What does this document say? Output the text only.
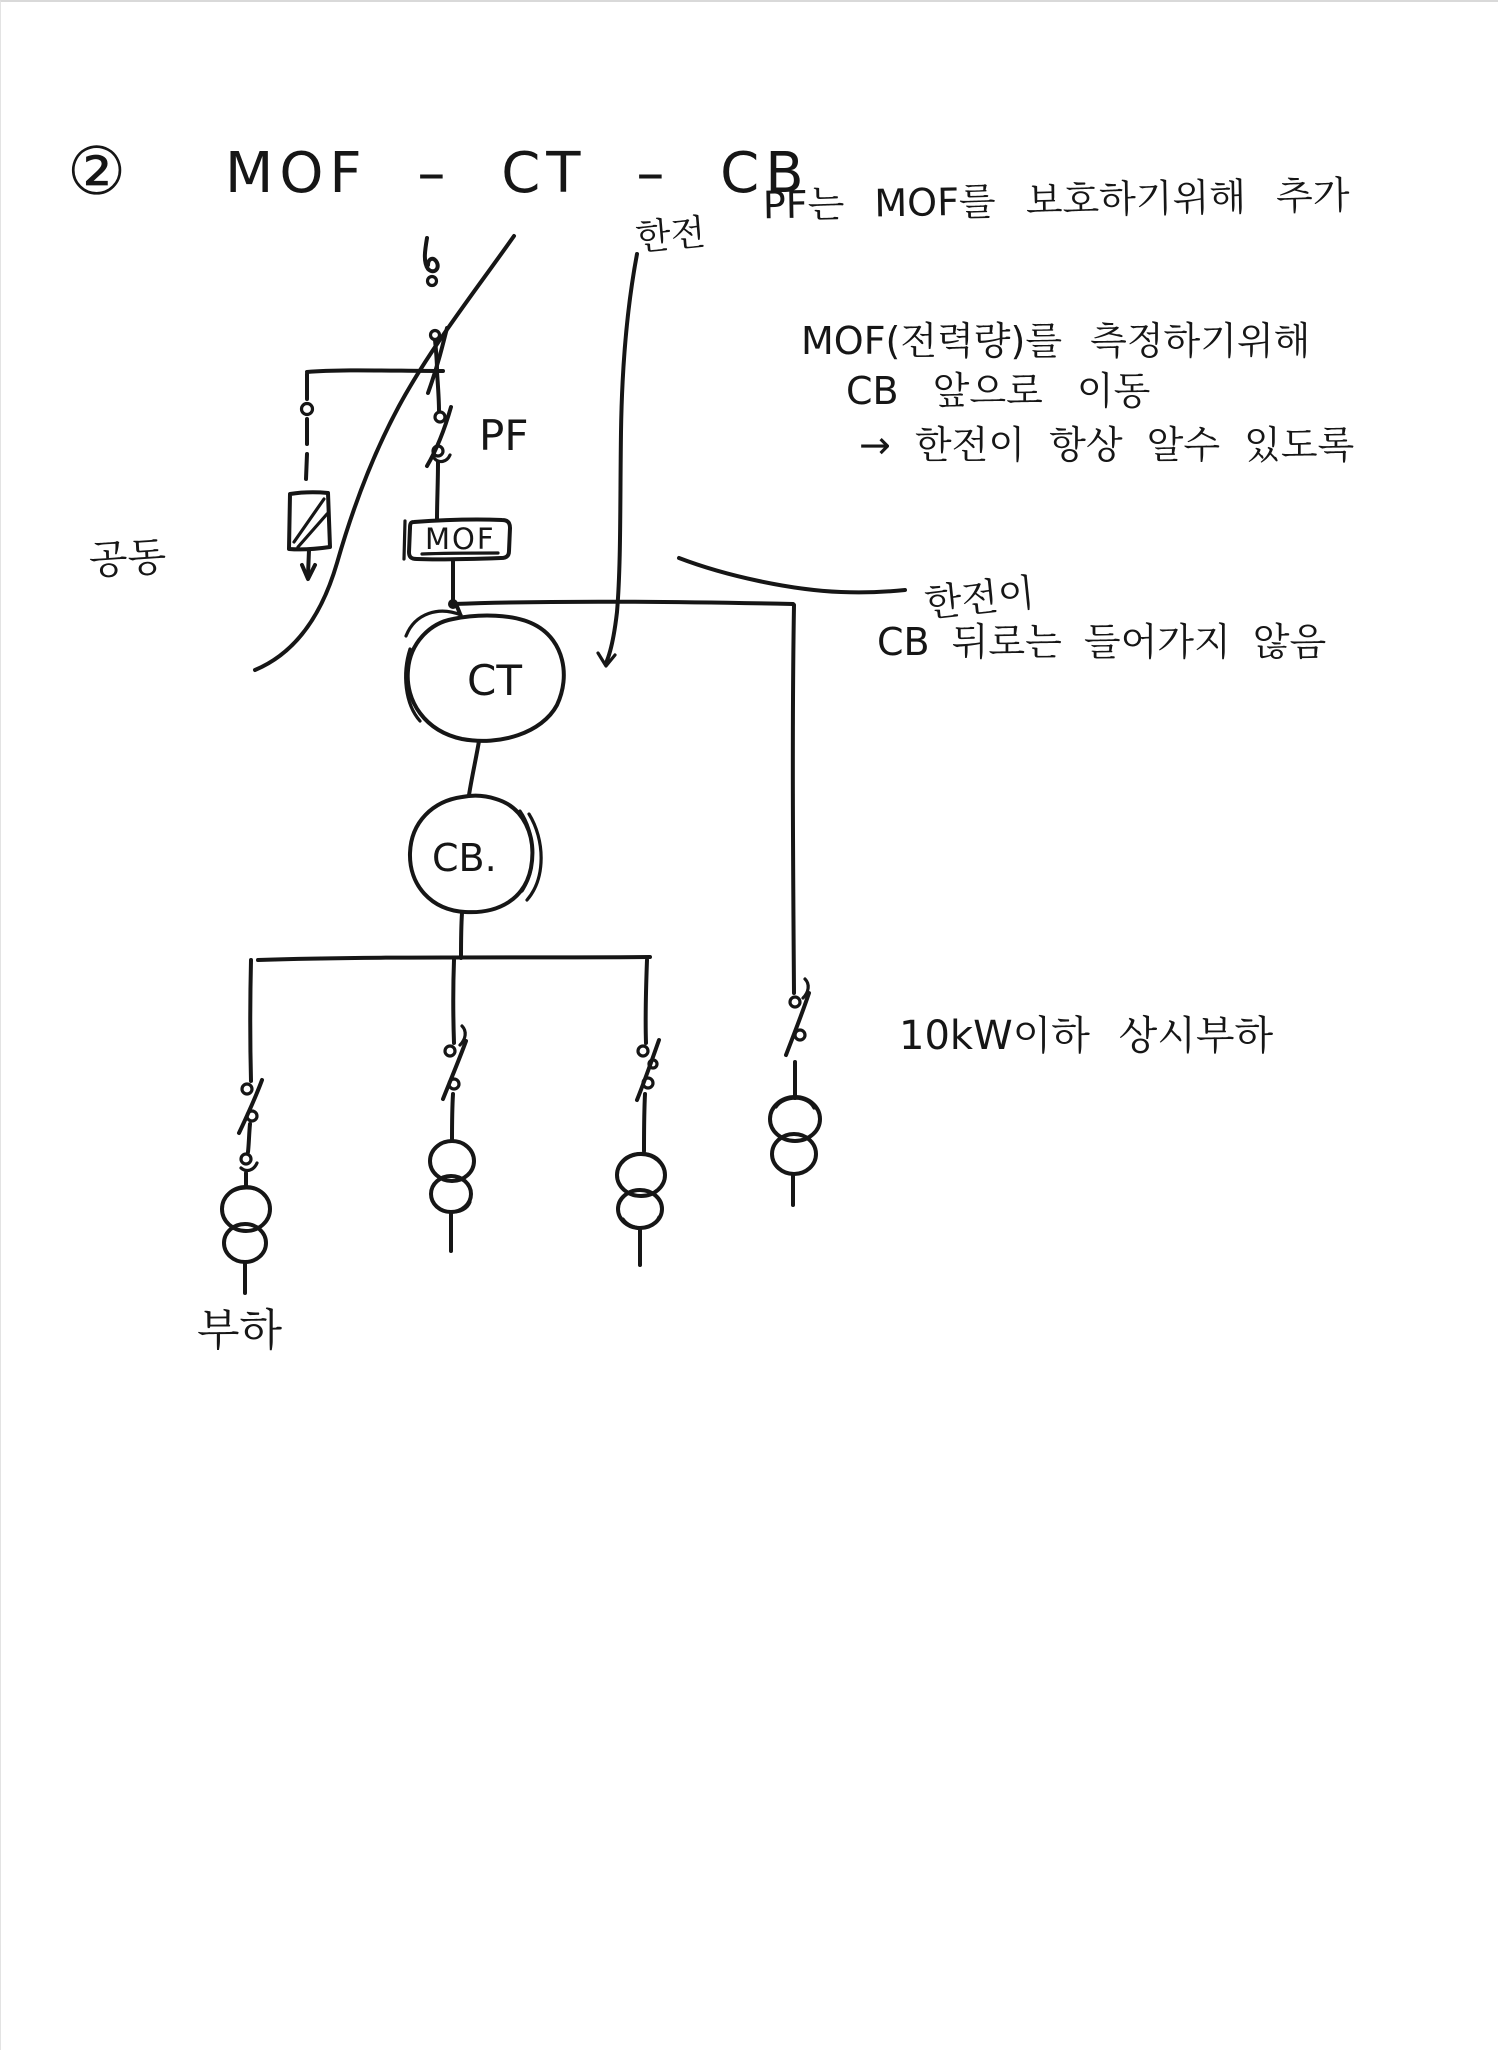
② MOF – CT – CB
PF
MOF
CT
CB.
부하
공동
한전
PF는 MOF를 보호하기위해 추가
MOF(전력량)를 측정하기위해
CB 앞으로 이동
→ 한전이 항상 알수 있도록
한전이
CB 뒤로는 들어가지 않음
10kW이하 상시부하
